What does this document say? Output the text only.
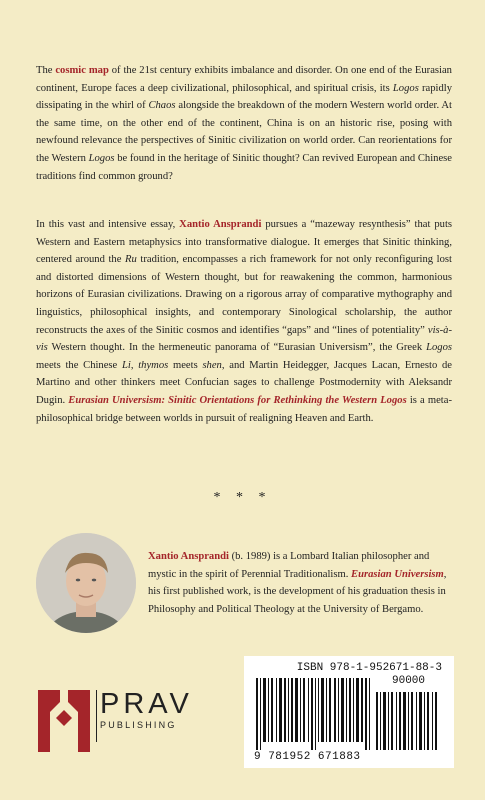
The cosmic map of the 21st century exhibits imbalance and disorder. On one end of the Eurasian continent, Europe faces a deep civilizational, philosophical, and spiritual crisis, its Logos rapidly dissipating in the whirl of Chaos alongside the breakdown of the modern Western world order. At the same time, on the other end of the continent, China is on an historic rise, posing with newfound relevance the perspectives of Sinitic civilization on world order. Can reorientations for the Western Logos be found in the heritage of Sinitic thought? Can revived European and Chinese traditions find common ground?

In this vast and intensive essay, Xantio Ansprandi pursues a “mazeway resynthesis” that puts Western and Eastern metaphysics into transformative dialogue. It emerges that Sinitic thinking, centered around the Ru tradition, encompasses a rich framework for not only reconfiguring lost and distorted dimensions of Western thought, but for reawakening the common, harmonious horizons of Eurasian civilizations. Drawing on a rigorous array of comparative mythography and linguistics, philosophical insights, and contemporary Sinological scholarship, the author reconstructs the axes of the Sinitic cosmos and identifies “gaps” and “lines of potentiality” vis-à-vis Western thought. In the hermeneutic panorama of “Eurasian Universism”, the Greek Logos meets the Chinese Li, thymos meets shen, and Martin Heidegger, Jacques Lacan, Ernesto de Martino and other thinkers meet Confucian sages to challenge Postmodernity with Aleksandr Dugin. Eurasian Universism: Sinitic Orientations for Rethinking the Western Logos is a meta-philosophical bridge between worlds in pursuit of realigning Heaven and Earth.

* * *

Xantio Ansprandi (b. 1989) is a Lombard Italian philosopher and mystic in the spirit of Perennial Traditionalism. Eurasian Universism, his first published work, is the development of his graduation thesis in Philosophy and Political Theology at the University of Bergamo.

PRAV
PUBLISHING
ISBN 978-1-952671-88-3
90000
9 781952 671883
